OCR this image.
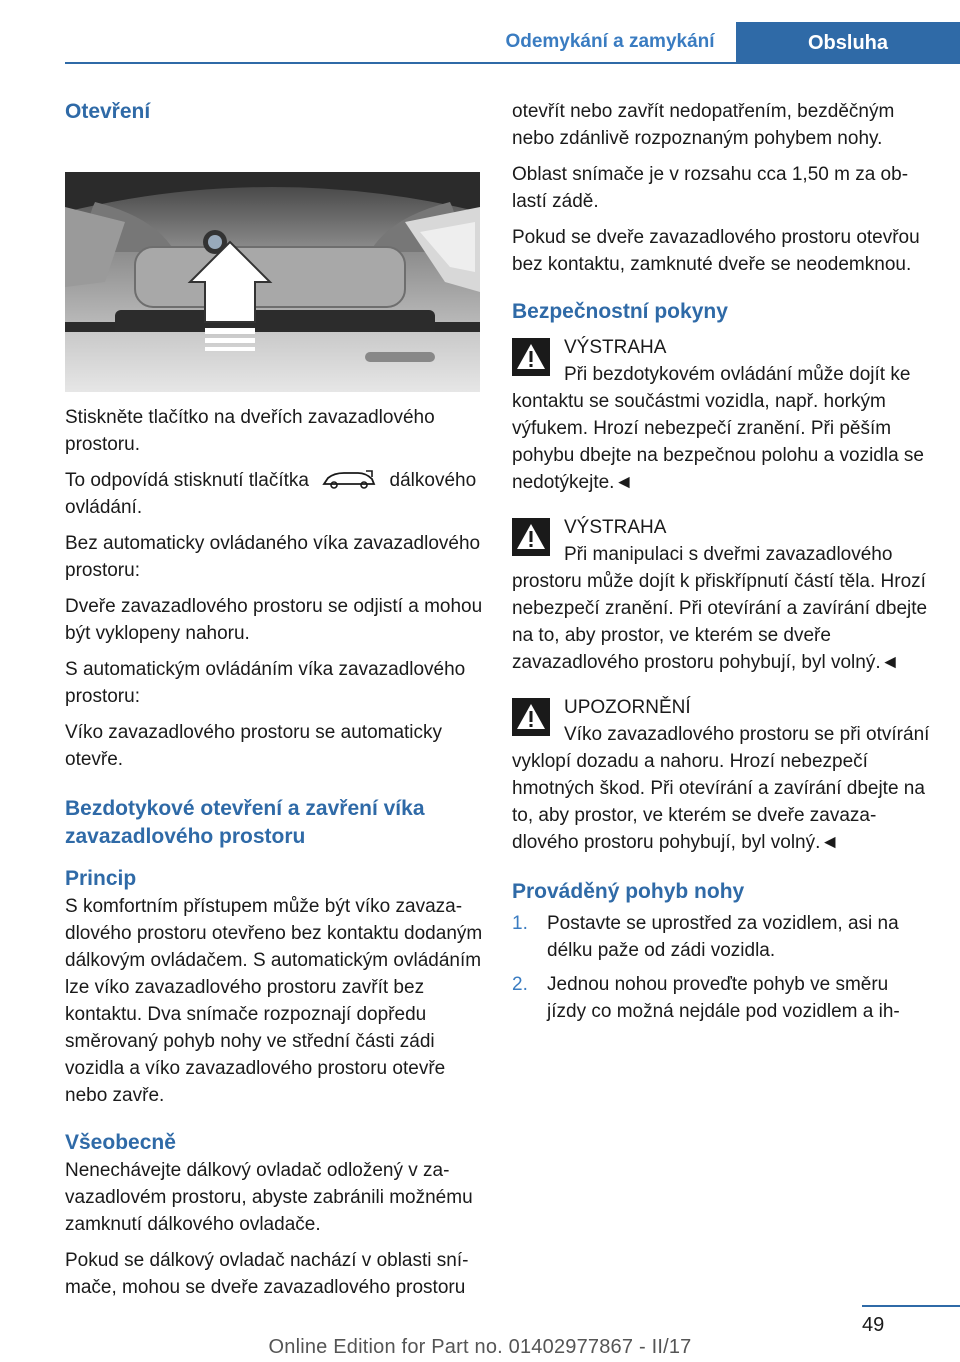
Odemykání a zamykání	Obsluha
Otevření

Stiskněte tlačítko na dveřích zavazadlového prostoru.

To odpovídá stisknutí tlačítka	dálkového ovládání.

Bez automaticky ovládaného víka zavazadlového prostoru:

Dveře zavazadlového prostoru se odjistí a mohou být vyklopeny nahoru.

S automatickým ovládáním víka zavazadlového prostoru:

Víko zavazadlového prostoru se automaticky otevře.

Bezdotykové otevření a zavření víka zavazadlového prostoru
Princip

S komfortním přístupem může být víko zavazadlového prostoru otevřeno bez kontaktu dodaným dálkovým ovládačem. S automatickým ovládáním lze víko zavazadlového prostoru zavřít bez kontaktu. Dva snímače rozpoznají dopředu směrovaný pohyb nohy ve střední části zádi vozidla a víko zavazadlového prostoru otevře nebo zavře.

Všeobecně

Nenechávejte dálkový ovladač odložený v zavazadlovém prostoru, abyste zabránili možnému zamknutí dálkového ovladače.

Pokud se dálkový ovladač nachází v oblasti snímače, mohou se dveře zavazadlového prostoru

otevřít nebo zavřít nedopatřením, bezděčným nebo zdánlivě rozpoznaným pohybem nohy.

Oblast snímače je v rozsahu cca 1,50 m za oblastí zádě.

Pokud se dveře zavazadlového prostoru otevřou bez kontaktu, zamknuté dveře se neodemknou.

Bezpečnostní pokyny
VÝSTRAHA

Při bezdotykovém ovládání může dojít ke kontaktu se součástmi vozidla, např. horkým výfukem. Hrozí nebezpečí zranění. Při pěším pohybu dbejte na bezpečnou polohu a vozidla se nedotýkejte.◄

VÝSTRAHA

Při manipulaci s dveřmi zavazadlového prostoru může dojít k přiskřípnutí částí těla. Hrozí nebezpečí zranění. Při otevírání a zavírání dbejte na to, aby prostor, ve kterém se dveře zavazadlového prostoru pohybují, byl volný.◄

UPOZORNĚNÍ

Víko zavazadlového prostoru se při otvírání vyklopí dozadu a nahoru. Hrozí nebezpečí hmotných škod. Při otevírání a zavírání dbejte na to, aby prostor, ve kterém se dveře zavazadlového prostoru pohybují, byl volný.◄

Prováděný pohyb nohy
1. Postavte se uprostřed za vozidlem, asi na délku paže od zádi vozidla.
2. Jednou nohou proveďte pohyb ve směru jízdy co možná nejdále pod vozidlem a ih-
49
Online Edition for Part no. 01402977867 - II/17
